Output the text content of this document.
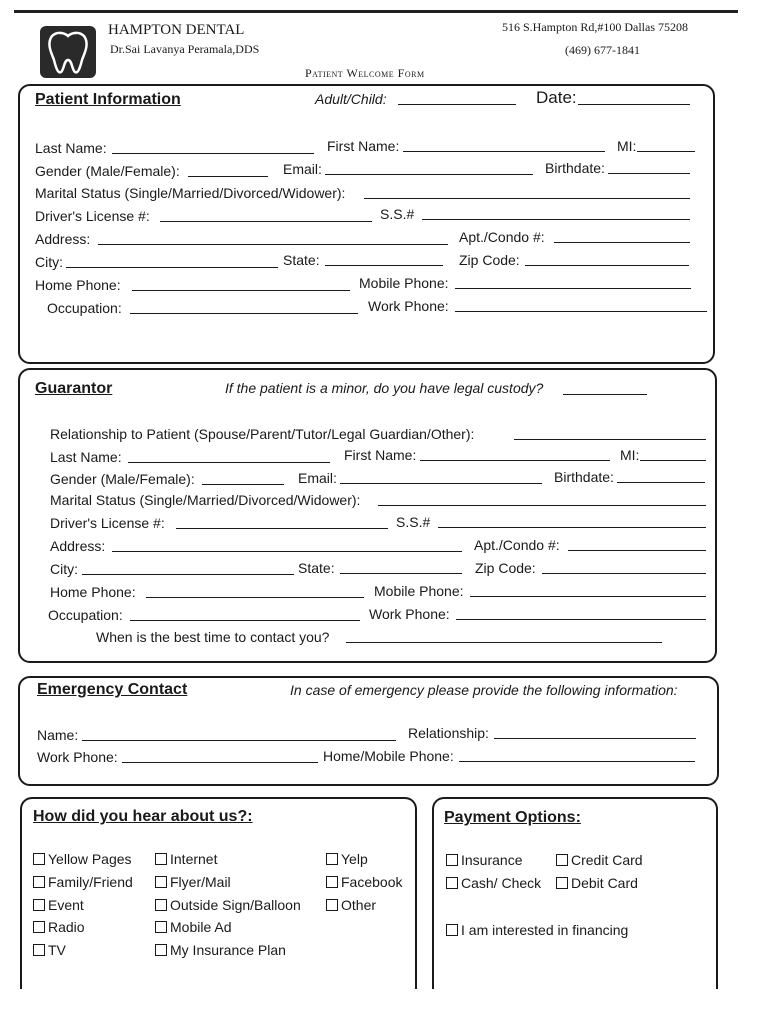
HAMPTON DENTAL
Dr.Sai Lavanya Peramala,DDS
516 S.Hampton Rd,#100 Dallas 75208
(469) 677-1841
Patient Welcome Form
Patient Information	Adult/Child:	Date:
Last Name:	First Name:	MI:
Gender (Male/Female):	Email:	Birthdate:
Marital Status (Single/Married/Divorced/Widower):
Driver's License #:	S.S.#
Address:	Apt./Condo #:
City:	State:	Zip Code:
Home Phone:	Mobile Phone:
Occupation:	Work Phone:
Guarantor	If the patient is a minor, do you have legal custody?
Relationship to Patient (Spouse/Parent/Tutor/Legal Guardian/Other):
Last Name:	First Name:	MI:
Gender (Male/Female):	Email:	Birthdate:
Marital Status (Single/Married/Divorced/Widower):
Driver's License #:	S.S.#
Address:	Apt./Condo #:
City:	State:	Zip Code:
Home Phone:	Mobile Phone:
Occupation:	Work Phone:
When is the best time to contact you?
Emergency Contact	In case of emergency please provide the following information:
Name:	Relationship:
Work Phone:	Home/Mobile Phone:
How did you hear about us?:
Yellow Pages	Internet	Yelp
Family/Friend	Flyer/Mail	Facebook
Event	Outside Sign/Balloon	Other
Radio	Mobile Ad
TV	My Insurance Plan
Payment Options:
Insurance	Credit Card
Cash/ Check	Debit Card
I am interested in financing
